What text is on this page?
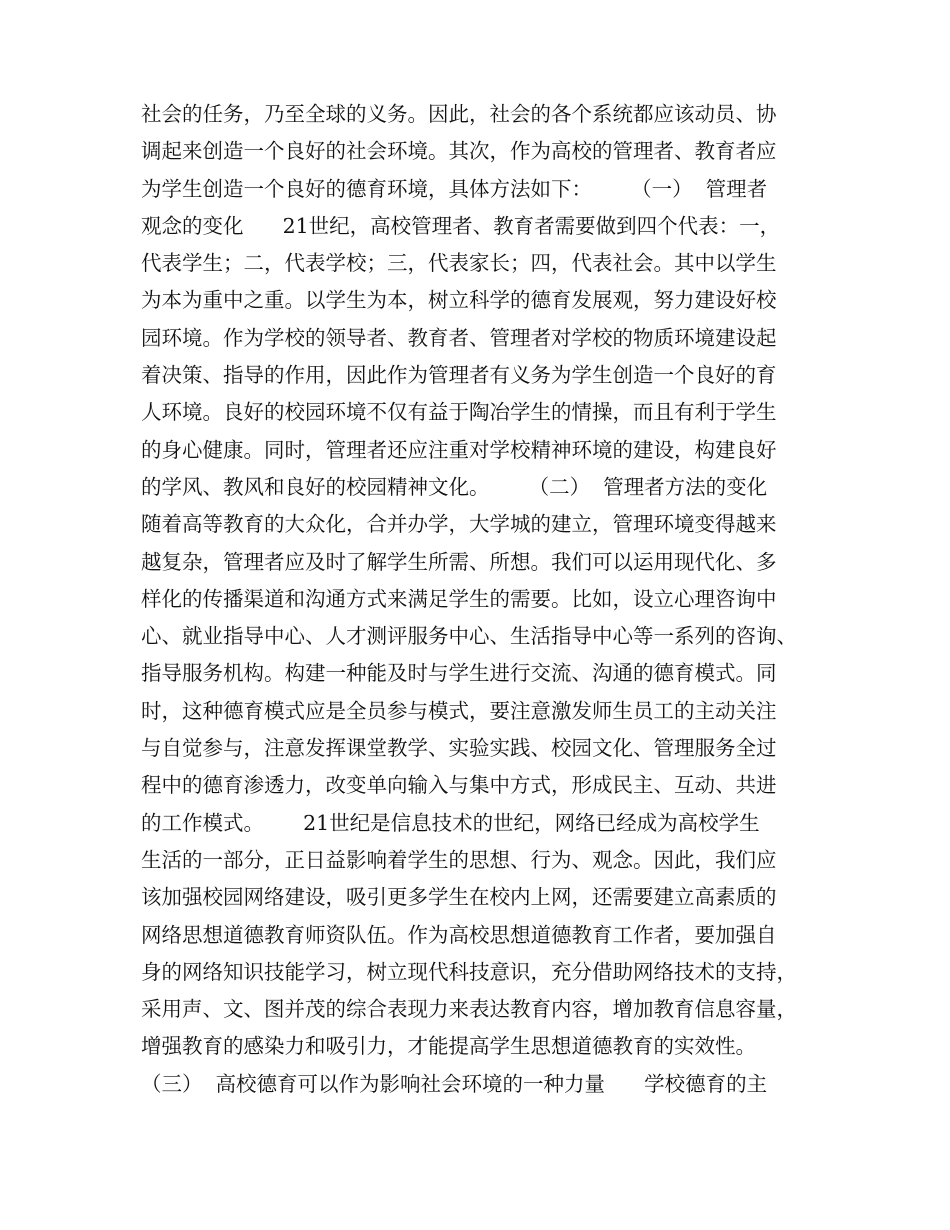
社会的任务，乃至全球的义务。因此，社会的各个系统都应该动员、协
调起来创造一个良好的社会环境。其次，作为高校的管理者、教育者应
为学生创造一个良好的德育环境，具体方法如下：      （一）  管理者
观念的变化      21世纪，高校管理者、教育者需要做到四个代表：一，
代表学生；二，代表学校；三，代表家长；四，代表社会。其中以学生
为本为重中之重。以学生为本，树立科学的德育发展观，努力建设好校
园环境。作为学校的领导者、教育者、管理者对学校的物质环境建设起
着决策、指导的作用，因此作为管理者有义务为学生创造一个良好的育
人环境。良好的校园环境不仅有益于陶冶学生的情操，而且有利于学生
的身心健康。同时，管理者还应注重对学校精神环境的建设，构建良好
的学风、教风和良好的校园精神文化。      （二）  管理者方法的变化
随着高等教育的大众化，合并办学，大学城的建立，管理环境变得越来
越复杂，管理者应及时了解学生所需、所想。我们可以运用现代化、多
样化的传播渠道和沟通方式来满足学生的需要。比如，设立心理咨询中
心、就业指导中心、人才测评服务中心、生活指导中心等一系列的咨询、
指导服务机构。构建一种能及时与学生进行交流、沟通的德育模式。同
时，这种德育模式应是全员参与模式，要注意激发师生员工的主动关注
与自觉参与，注意发挥课堂教学、实验实践、校园文化、管理服务全过
程中的德育渗透力，改变单向输入与集中方式，形成民主、互动、共进
的工作模式。      21世纪是信息技术的世纪，网络已经成为高校学生
生活的一部分，正日益影响着学生的思想、行为、观念。因此，我们应
该加强校园网络建设，吸引更多学生在校内上网，还需要建立高素质的
网络思想道德教育师资队伍。作为高校思想道德教育工作者，要加强自
身的网络知识技能学习，树立现代科技意识，充分借助网络技术的支持，
采用声、文、图并茂的综合表现力来表达教育内容，增加教育信息容量，
增强教育的感染力和吸引力，才能提高学生思想道德教育的实效性。
（三）  高校德育可以作为影响社会环境的一种力量      学校德育的主
